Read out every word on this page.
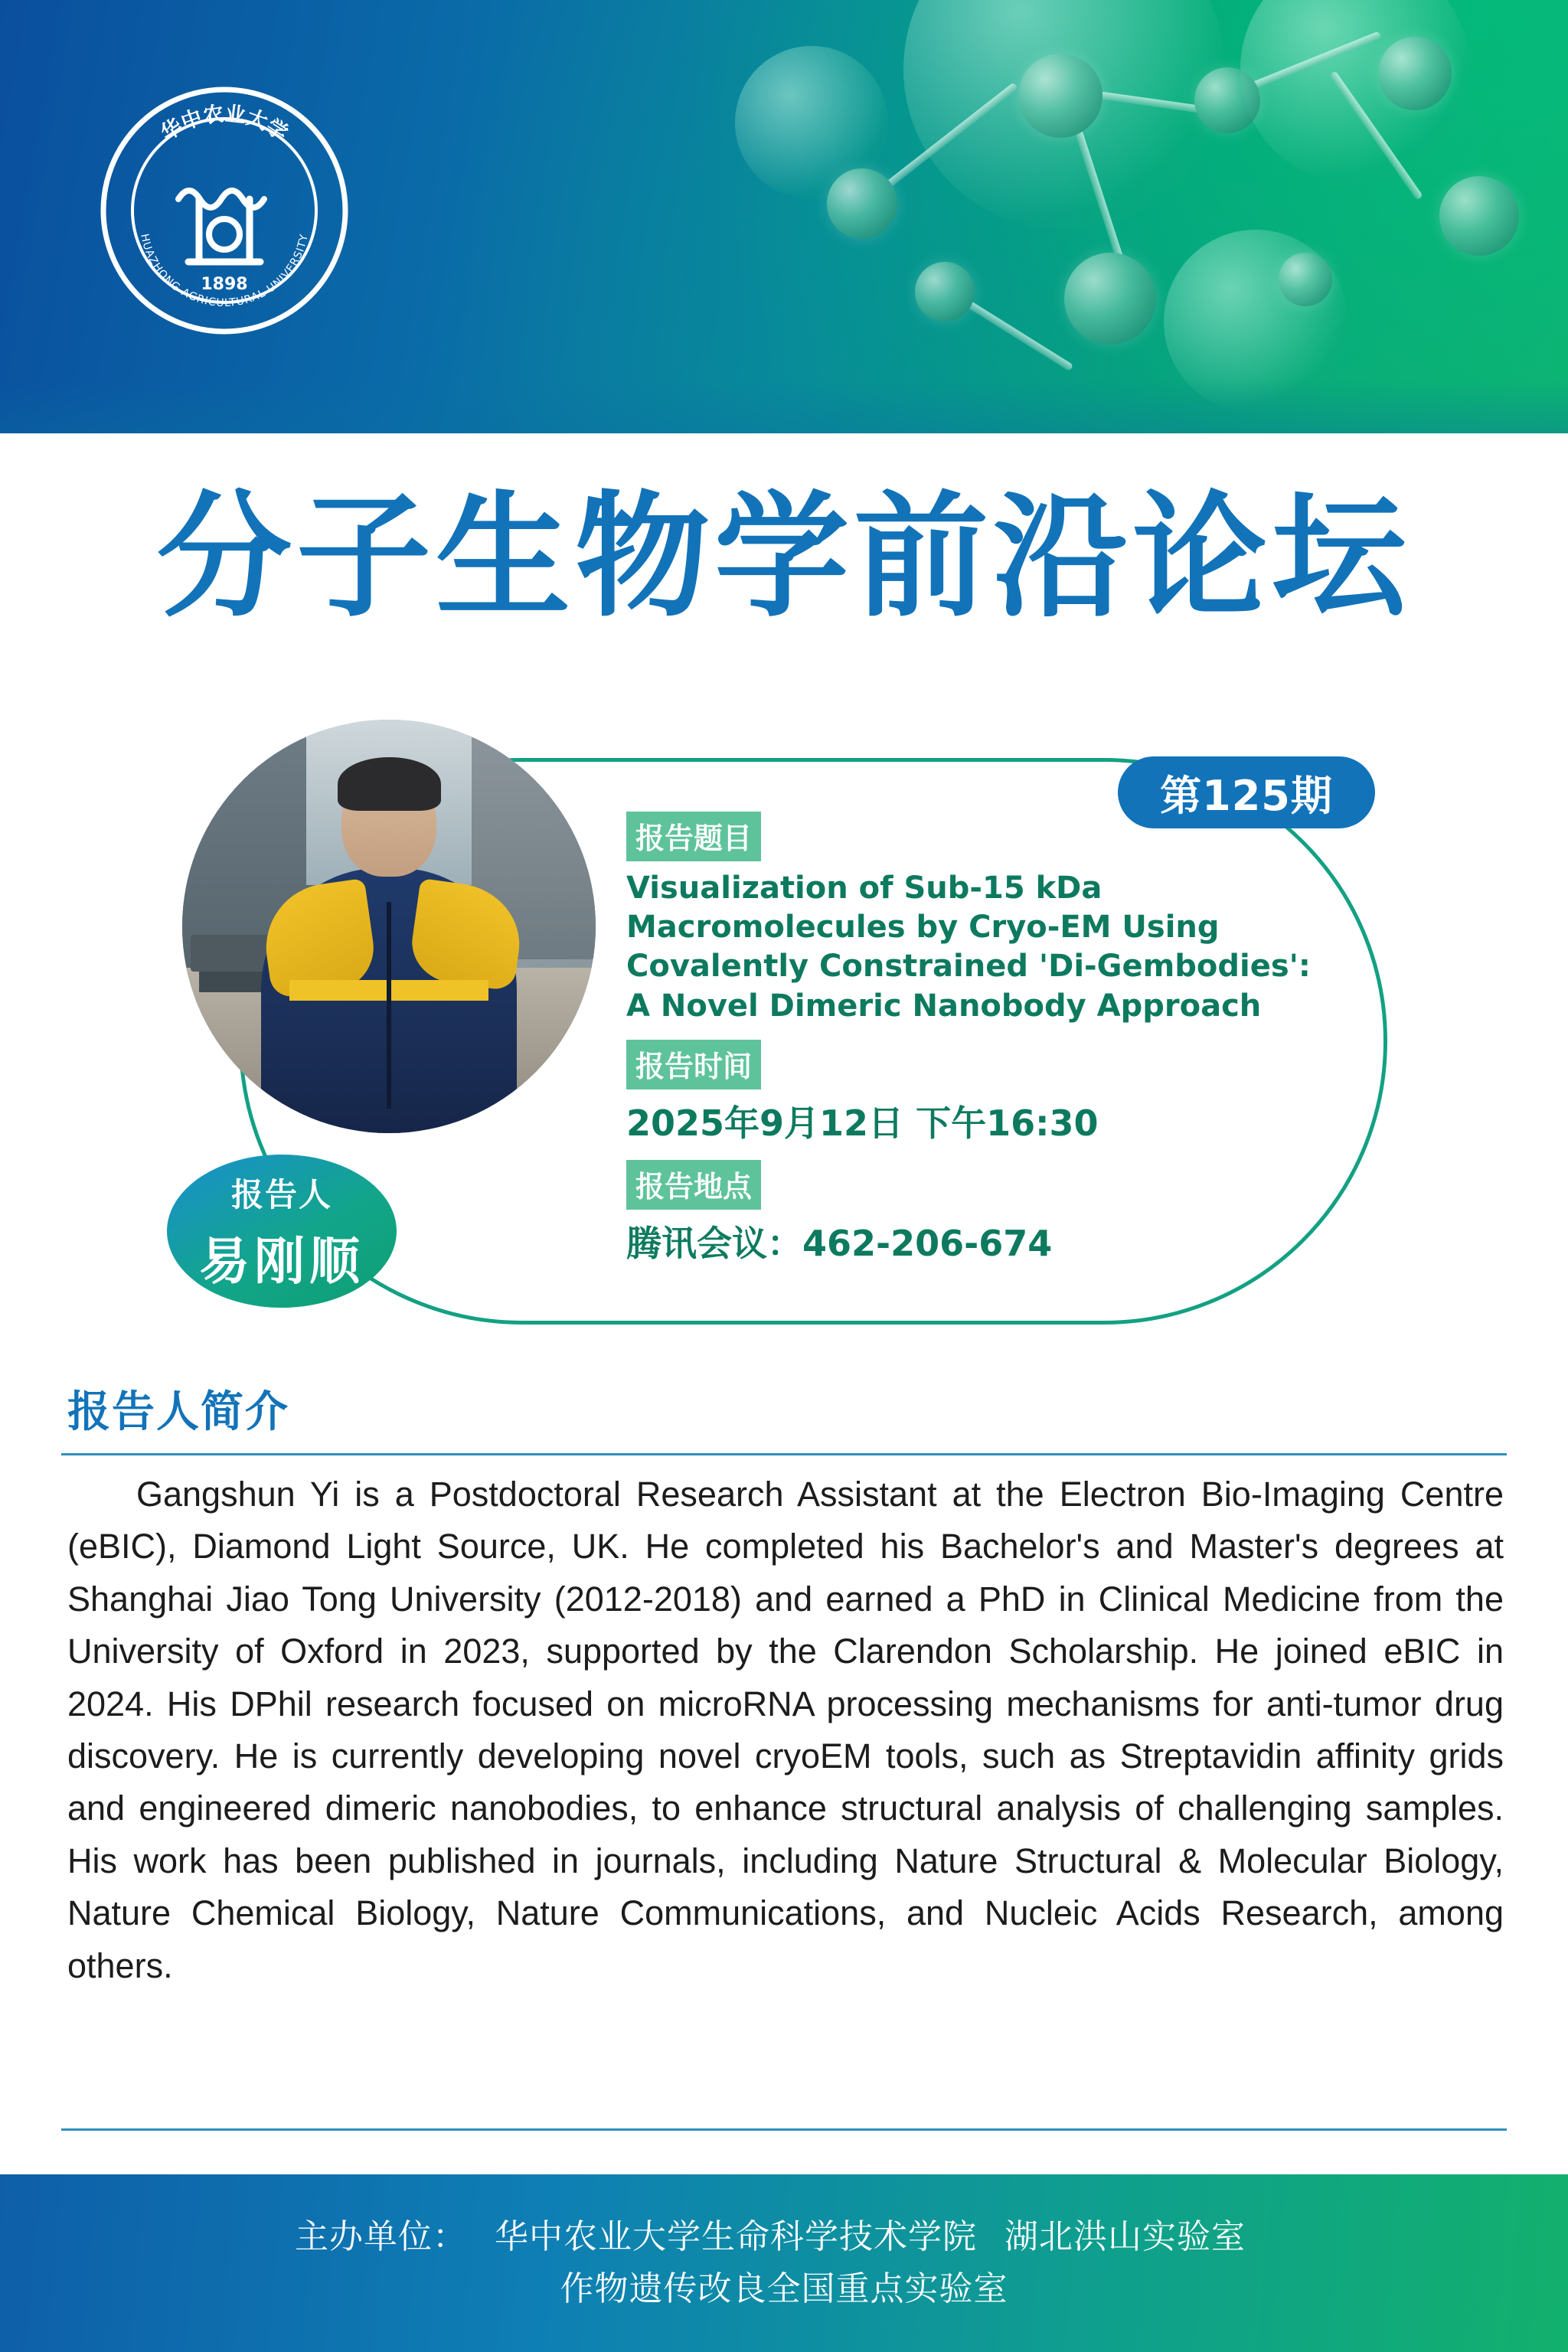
华中农业大学
HUAZHONG AGRICULTURAL UNIVERSITY
1898
分子生物学前沿论坛
报告人
易刚顺
第125期
报告题目
Visualization of Sub-15 kDa
Macromolecules by Cryo-EM Using
Covalently Constrained 'Di-Gembodies':
A Novel Dimeric Nanobody Approach
报告时间
2025年9月12日 下午16:30
报告地点
腾讯会议：462-206-674
报告人简介
Gangshun Yi is a Postdoctoral Research Assistant at the Electron Bio-Imaging Centre (eBIC), Diamond Light Source, UK. He completed his Bachelor's and Master's degrees at Shanghai Jiao Tong University (2012-2018) and earned a PhD in Clinical Medicine from the University of Oxford in 2023, supported by the Clarendon Scholarship. He joined eBIC in 2024. His DPhil research focused on microRNA processing mechanisms for anti-tumor drug discovery. He is currently developing novel cryoEM tools, such as Streptavidin affinity grids and engineered dimeric nanobodies, to enhance structural analysis of challenging samples. His work has been published in journals, including Nature Structural & Molecular Biology, Nature Chemical Biology, Nature Communications, and Nucleic Acids Research, among others.
主办单位： 华中农业大学生命科学技术学院 湖北洪山实验室
作物遗传改良全国重点实验室
